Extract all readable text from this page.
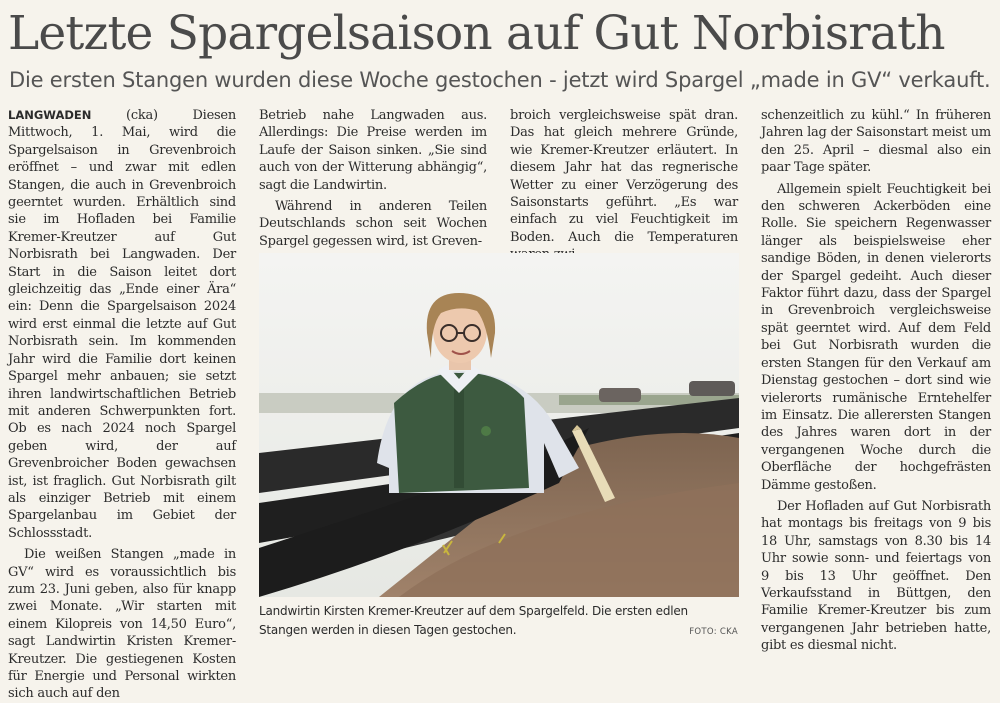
Letzte Spargelsaison auf Gut Norbisrath
Die ersten Stangen wurden diese Woche gestochen - jetzt wird Spargel „made in GV“ verkauft.

LANGWADEN (cka) Diesen Mittwoch, 1. Mai, wird die Spargelsaison in Grevenbroich eröffnet – und zwar mit edlen Stangen, die auch in Grevenbroich geerntet wurden. Erhältlich sind sie im Hofladen bei Familie Kremer-Kreutzer auf Gut Norbisrath bei Langwaden. Der Start in die Saison leitet dort gleichzeitig das „Ende einer Ära“ ein: Denn die Spargelsaison 2024 wird erst einmal die letzte auf Gut Norbisrath sein. Im kommenden Jahr wird die Familie dort keinen Spargel mehr anbauen; sie setzt ihren landwirtschaftlichen Betrieb mit anderen Schwerpunkten fort. Ob es nach 2024 noch Spargel geben wird, der auf Grevenbroicher Boden gewachsen ist, ist fraglich. Gut Norbisrath gilt als einziger Betrieb mit einem Spargelanbau im Gebiet der Schlossstadt.

Die weißen Stangen „made in GV“ wird es voraussichtlich bis zum 23. Juni geben, also für knapp zwei Monate. „Wir starten mit einem Kilopreis von 14,50 Euro“, sagt Landwirtin Kristen Kremer-Kreutzer. Die gestiegenen Kosten für Energie und Personal wirkten sich auch auf den

Betrieb nahe Langwaden aus. Allerdings: Die Preise werden im Laufe der Saison sinken. „Sie sind auch von der Witterung abhängig“, sagt die Landwirtin.

Während in anderen Teilen Deutschlands schon seit Wochen Spargel gegessen wird, ist Greven-

broich vergleichsweise spät dran. Das hat gleich mehrere Gründe, wie Kremer-Kreutzer erläutert. In diesem Jahr hat das regnerische Wetter zu einer Verzögerung des Saisonstarts geführt. „Es war einfach zu viel Feuchtigkeit im Boden. Auch die Temperaturen

schenzeitlich zu kühl.“ In früheren Jahren lag der Saisonstart meist um den 25. April – diesmal also ein paar Tage später.

Allgemein spielt Feuchtigkeit bei den schweren Ackerböden eine Rolle. Sie speichern Regenwasser länger als beispielsweise eher sandige Böden, in denen vielerorts der Spargel gedeiht. Auch dieser Faktor führt dazu, dass der Spargel in Grevenbroich vergleichsweise spät geerntet wird. Auf dem Feld bei Gut Norbisrath wurden die ersten Stangen für den Verkauf am Dienstag gestochen – dort sind wie vielerorts rumänische Erntehelfer im Einsatz. Die allerersten Stangen des Jahres waren dort in der vergangenen Woche durch die Oberfläche der hochgefrästen Dämme gestoßen.

Der Hofladen auf Gut Norbisrath hat montags bis freitags von 9 bis 18 Uhr, samstags von 8.30 bis 14 Uhr sowie sonn- und feiertags von 9 bis 13 Uhr geöffnet. Den Verkaufsstand in Büttgen, den Familie Kremer-Kreutzer bis zum vergangenen Jahr betrieben hatte, gibt es diesmal nicht.

Landwirtin Kirsten Kremer-Kreutzer auf dem Spargelfeld. Die ersten edlen Stangen werden in diesen Tagen gestochen.	FOTO: CKA
